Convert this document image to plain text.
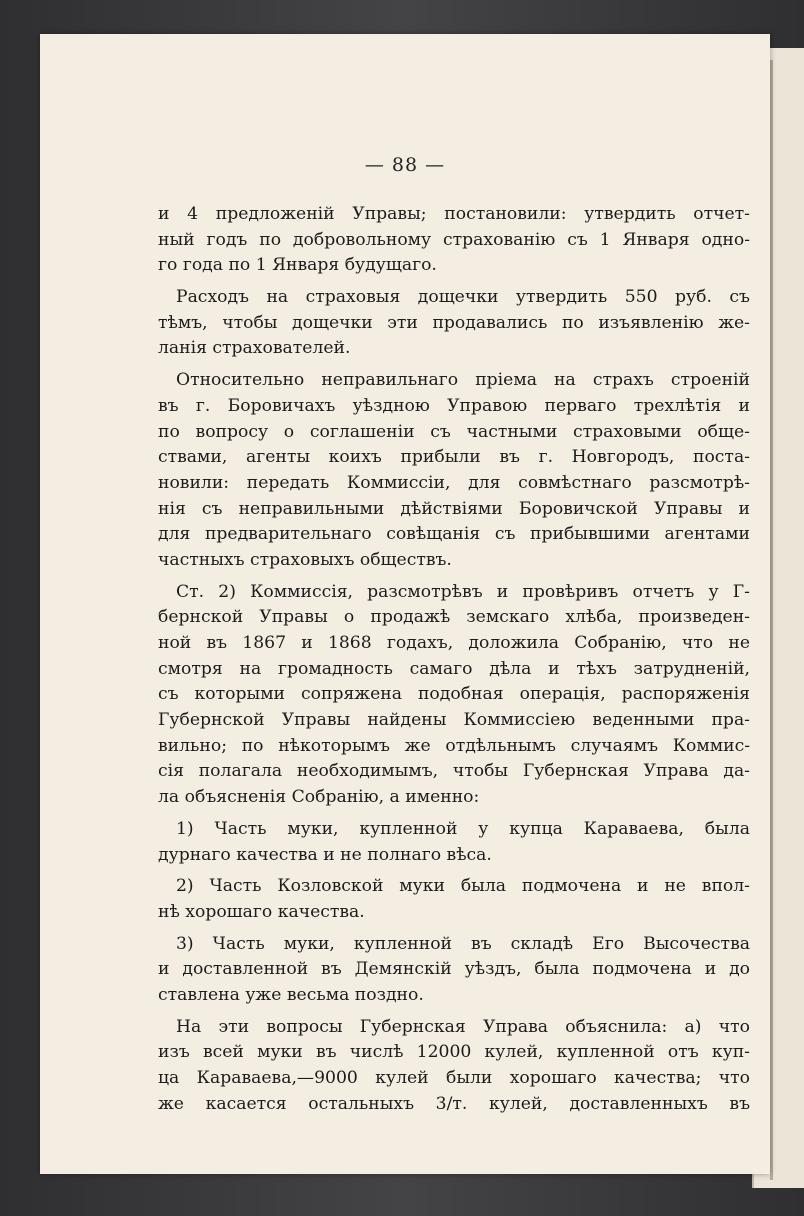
— 88 —
и 4 предложенiй Управы; постановили: утвердить отчет-
ный годъ по добровольному страхованiю съ 1 Января одно-
го года по 1 Января будущаго.
Расходъ на страховыя дощечки утвердить 550 руб. съ
тѣмъ, чтобы дощечки эти продавались по изъявленiю же-
ланiя страхователей.
Относительно неправильнаго прiема на страхъ строенiй
въ г. Боровичахъ уѣздною Управою перваго трехлѣтiя и
по вопросу о соглашенiи съ частными страховыми обще-
ствами, агенты коихъ прибыли въ г. Новгородъ, поста-
новили: передать Коммиссiи, для совмѣстнаго разсмотрѣ-
нiя съ неправильными дѣйствiями Боровичской Управы и
для предварительнаго совѣщанiя съ прибывшими агентами
частныхъ страховыхъ обществъ.
Ст. 2) Коммиссiя, разсмотрѣвъ и провѣривъ отчетъ у Г-
бернской Управы о продажѣ земскаго хлѣба, произведен-
ной въ 1867 и 1868 годахъ, доложила Собранiю, что не
смотря на громадность самаго дѣла и тѣхъ затрудненiй,
съ которыми сопряжена подобная операцiя, распоряженiя
Губернской Управы найдены Коммиссiею веденными пра-
вильно; по нѣкоторымъ же отдѣльнымъ случаямъ Коммис-
сiя полагала необходимымъ, чтобы Губернская Управа да-
ла объясненiя Собранiю, а именно:
1) Часть муки, купленной у купца Караваева, была
дурнаго качества и не полнаго вѣса.
2) Часть Козловской муки была подмочена и не впол-
нѣ хорошаго качества.
3) Часть муки, купленной въ складѣ Его Высочества
и доставленной въ Демянскiй уѣздъ, была подмочена и до
ставлена уже весьма поздно.
На эти вопросы Губернская Управа объяснила: а) что
изъ всей муки въ числѣ 12000 кулей, купленной отъ куп-
ца Караваева,—9000 кулей были хорошаго качества; что
же касается остальныхъ 3/т. кулей, доставленныхъ въ
